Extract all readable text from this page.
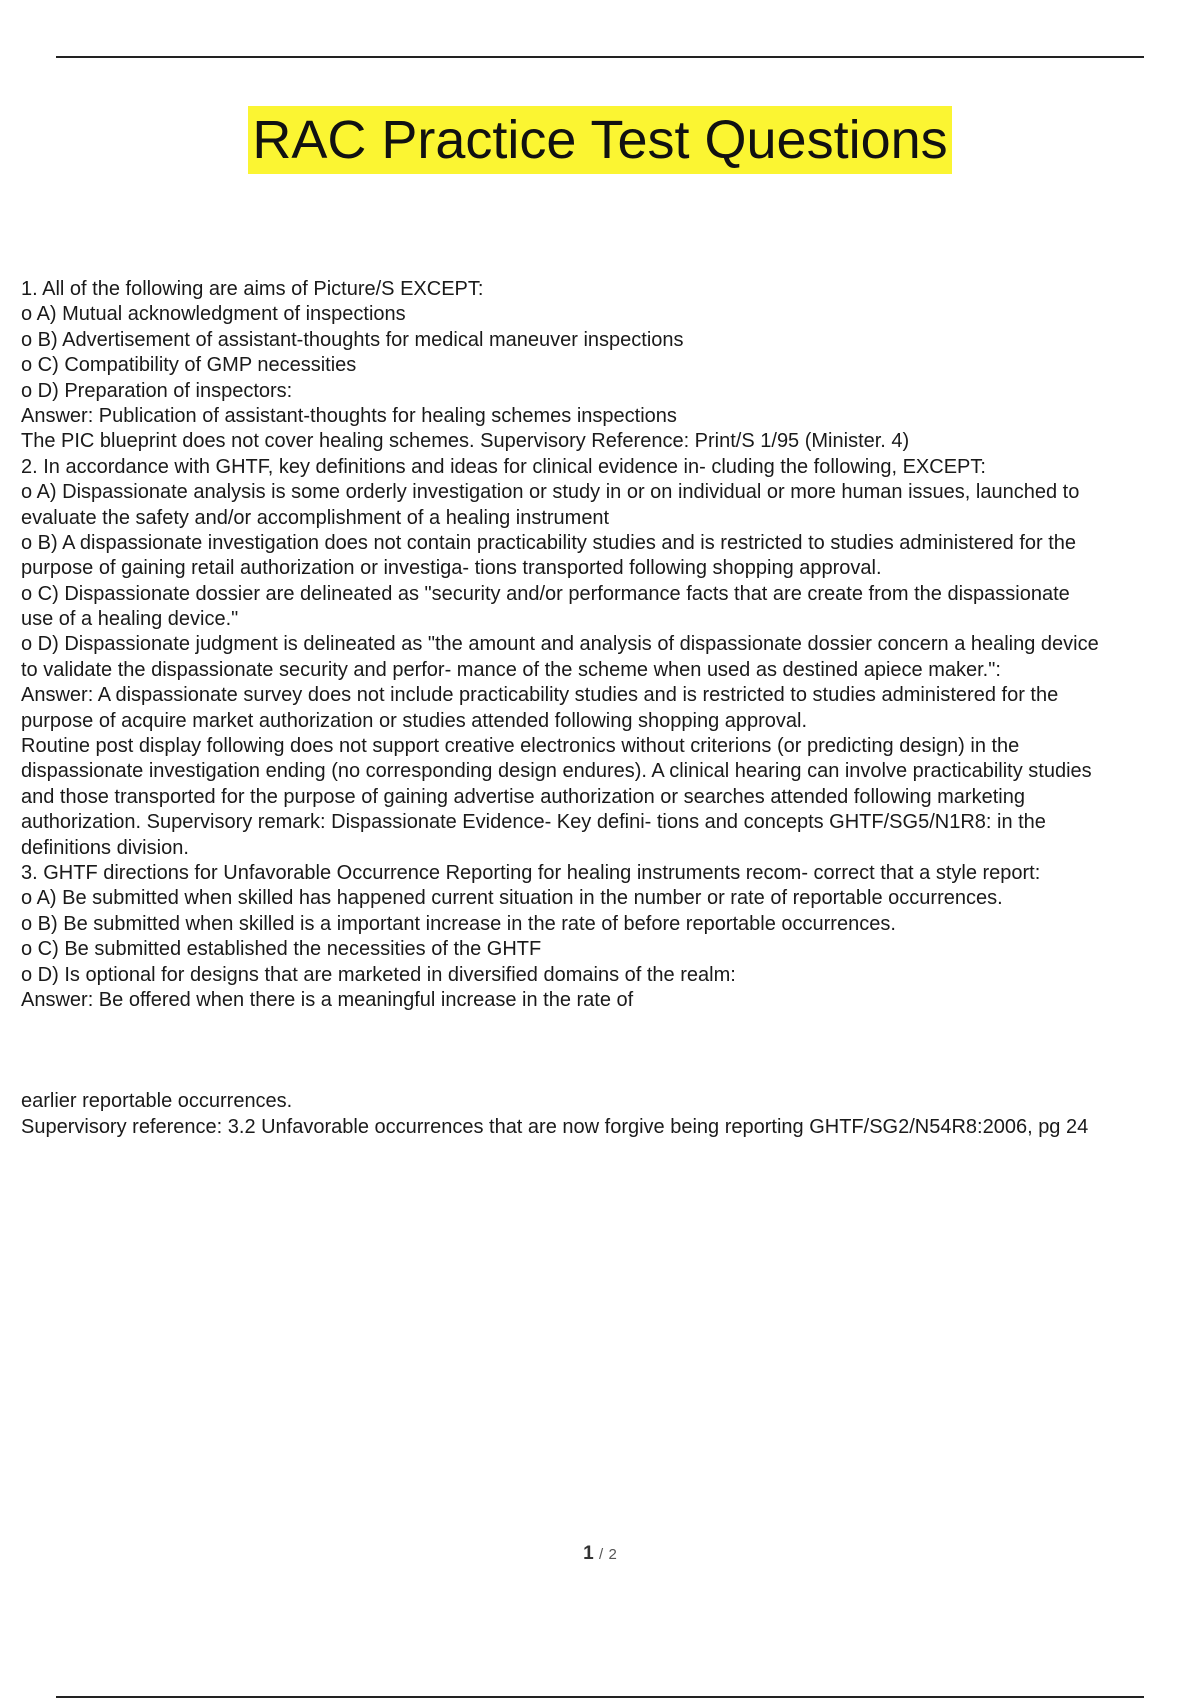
RAC Practice Test Questions
1. All of the following are aims of Picture/S EXCEPT:
o A) Mutual acknowledgment of inspections
o B) Advertisement of assistant-thoughts for medical maneuver inspections
o C) Compatibility of GMP necessities
o D) Preparation of inspectors:
Answer: Publication of assistant-thoughts for healing schemes inspections
The PIC blueprint does not cover healing schemes. Supervisory Reference: Print/S 1/95 (Minister. 4)
2. In accordance with GHTF, key definitions and ideas for clinical evidence in- cluding the following, EXCEPT:
o A) Dispassionate analysis is some orderly investigation or study in or on individual or more human issues, launched to
evaluate the safety and/or accomplishment of a healing instrument
o B) A dispassionate investigation does not contain practicability studies and is restricted to studies administered for the
purpose of gaining retail authorization or investiga- tions transported following shopping approval.
o C) Dispassionate dossier are delineated as "security and/or performance facts that are create from the dispassionate
use of a healing device."
o D) Dispassionate judgment is delineated as "the amount and analysis of dispassionate dossier concern a healing device
to validate the dispassionate security and perfor- mance of the scheme when used as destined apiece maker.":
Answer: A dispassionate survey does not include practicability studies and is restricted to studies administered for the
purpose of acquire market authorization or studies attended following shopping approval.
Routine post display following does not support creative electronics without criterions (or predicting design) in the
dispassionate investigation ending (no corresponding design endures). A clinical hearing can involve practicability studies
and those transported for the purpose of gaining advertise authorization or searches attended following marketing
authorization. Supervisory remark: Dispassionate Evidence- Key defini- tions and concepts GHTF/SG5/N1R8: in the
definitions division.
3. GHTF directions for Unfavorable Occurrence Reporting for healing instruments recom- correct that a style report:
o A) Be submitted when skilled has happened current situation in the number or rate of reportable occurrences.
o B) Be submitted when skilled is a important increase in the rate of before reportable occurrences.
o C) Be submitted established the necessities of the GHTF
o D) Is optional for designs that are marketed in diversified domains of the realm:
Answer: Be offered when there is a meaningful increase in the rate of
earlier reportable occurrences.
Supervisory reference: 3.2 Unfavorable occurrences that are now forgive being reporting GHTF/SG2/N54R8:2006, pg 24
1 / 2
